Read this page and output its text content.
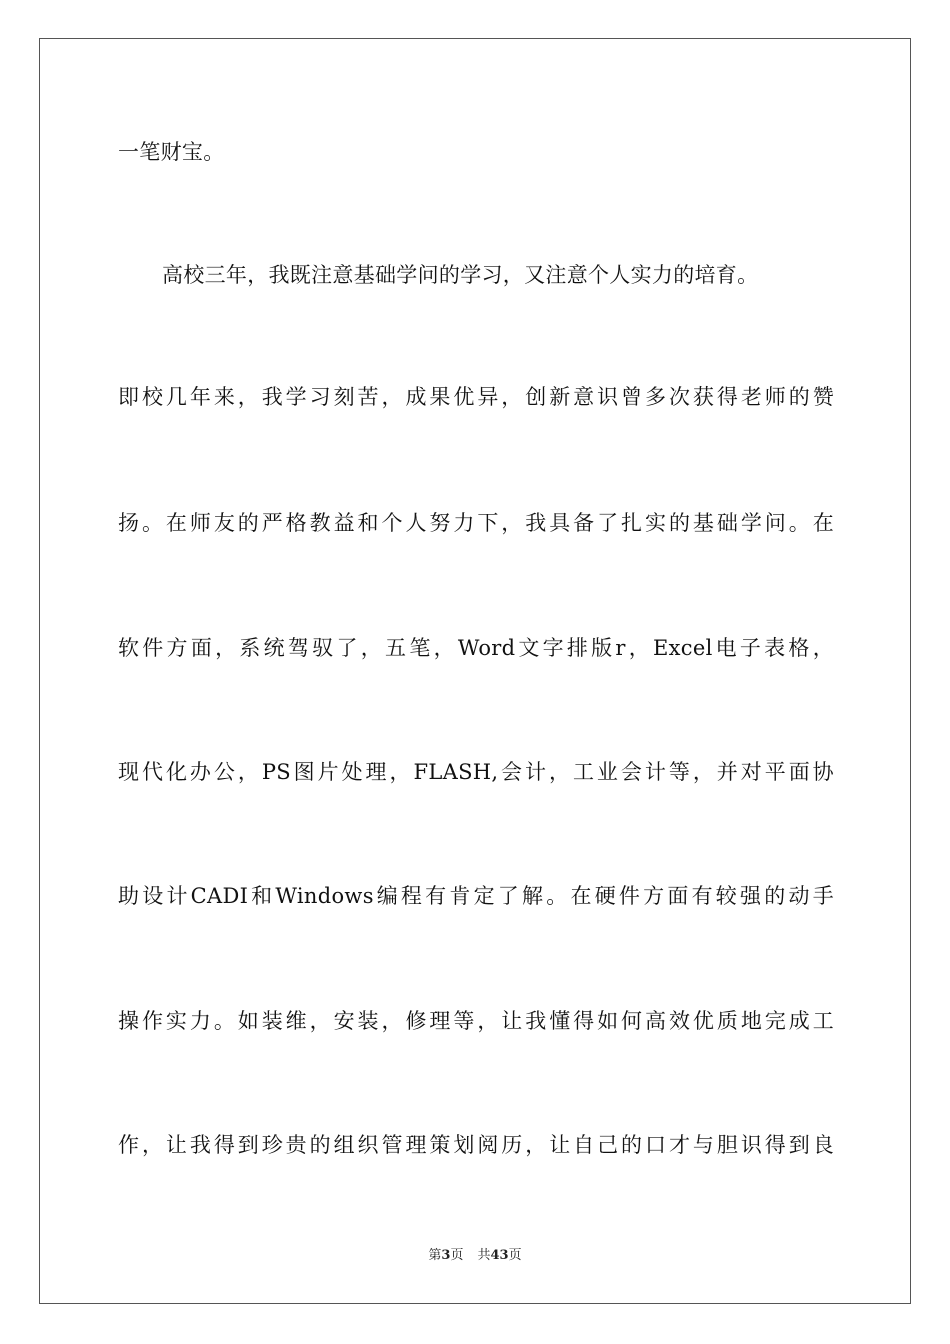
一笔财宝。
高校三年，我既注意基础学问的学习，又注意个人实力的培育。
即校几年来，我学习刻苦，成果优异，创新意识曾多次获得老师的赞
扬。在师友的严格教益和个人努力下，我具备了扎实的基础学问。在
软件方面，系统驾驭了，五笔，Word文字排版r，Excel电子表格，
现代化办公，PS图片处理，FLASH,会计，工业会计等，并对平面协
助设计CADI和Windows编程有肯定了解。在硬件方面有较强的动手
操作实力。如装维，安装，修理等，让我懂得如何高效优质地完成工
作，让我得到珍贵的组织管理策划阅历，让自己的口才与胆识得到良
第3页 共43页
